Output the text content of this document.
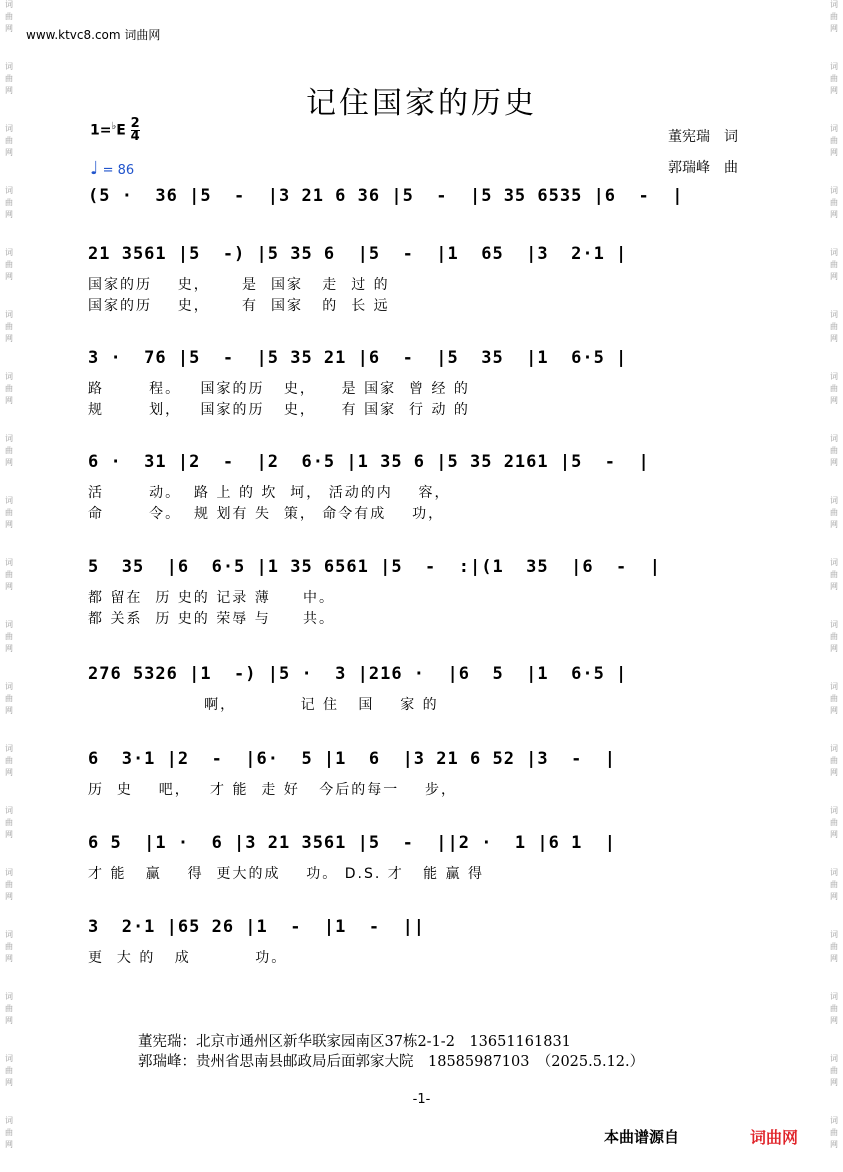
词
曲
网
词
曲
网
词
曲
网
词
曲
网
词
曲
网
词
曲
网
词
曲
网
词
曲
网
词
曲
网
词
曲
网
词
曲
网
词
曲
网
词
曲
网
词
曲
网
词
曲
网
词
曲
网
词
曲
网
词
曲
网
词
曲
网
词
曲
网
词
曲
网
词
曲
网
词
曲
网
词
曲
网
词
曲
网
词
曲
网
词
曲
网
词
曲
网
词
曲
网
词
曲
网
词
曲
网
词
曲
网
词
曲
网
词
曲
网
词
曲
网
词
曲
网
词
曲
网
词
曲
网
www.ktvc8.com 词曲网
记住国家的历史
$1=^♭E \frac{2}{4}$
♩ = 86
董宪瑞　词
郭瑞峰　曲
(5 ·  36 |5  -  |3 21 6 36 |5  -  |5 35 6535 |6  -  |
21 3561 |5  -) |5 35 6  |5  -  |1  65  |3  2·1 |
国家的历    史，     是  国家   走  过 的
国家的历    史，     有  国家   的  长 远
3 ·  76 |5  -  |5 35 21 |6  -  |5  35  |1  6·5 |
路       程。   国家的历   史，    是 国家  曾 经 的
规       划，   国家的历   史，    有 国家  行 动 的
6 ·  31 |2  -  |2  6·5 |1 35 6 |5 35 2161 |5  -  |
活       动。  路 上 的 坎  坷， 活动的内    容，
命       令。  规 划有 失  策， 命令有成    功，
5  35  |6  6·5 |1 35 6561 |5  -  :|(1  35  |6  -  |
都 留在  历 史的 记录 薄     中。
都 关系  历 史的 荣辱 与     共。
276 5326 |1  -) |5 ·  3 |216 ·  |6  5  |1  6·5 |
啊，          记 住   国    家 的
6  3·1 |2  -  |6·  5 |1  6  |3 21 6 52 |3  -  |
历  史    吧，   才 能  走 好   今后的每一    步，
6 5  |1 ·  6 |3 21 3561 |5  -  ||2 ·  1 |6 1  |
才 能   赢    得  更大的成    功。 D.S. 才   能 赢 得
3  2·1 |65 26 |1  -  |1  -  ||
更  大 的   成          功。
董宪瑞：北京市通州区新华联家园南区37栋2-1-2　13651161831
郭瑞峰：贵州省思南县邮政局后面郭家大院　18585987103　（2025.5.12.）
-1-
本曲谱源自	词曲网
